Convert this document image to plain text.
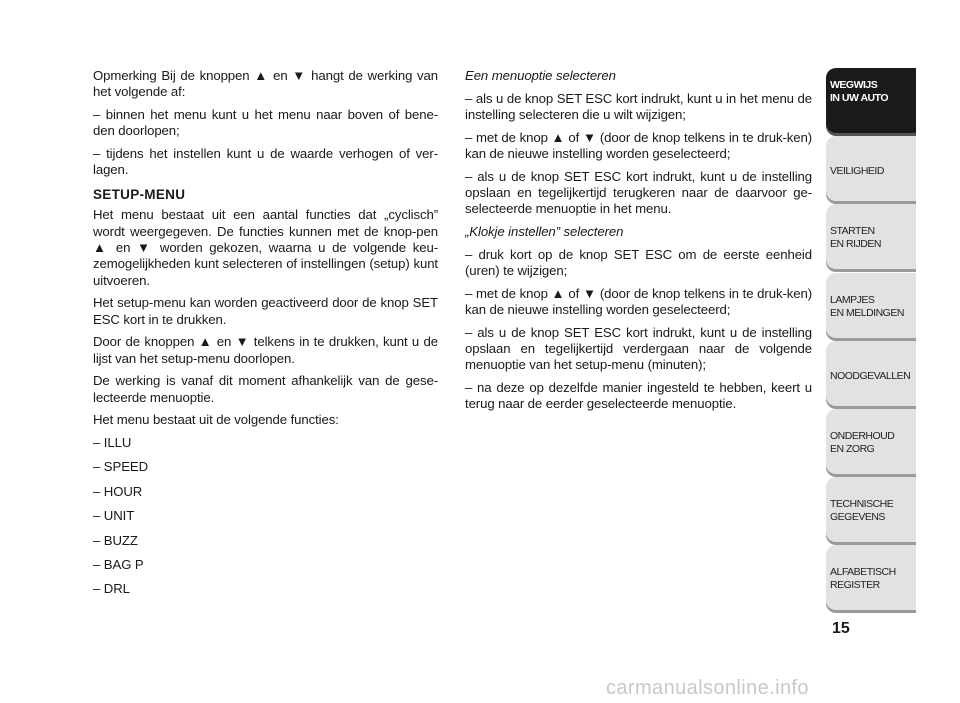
Opmerking Bij de knoppen ▲ en ▼ hangt de werking van het volgende af:

– binnen het menu kunt u het menu naar boven of bene-den doorlopen;

– tijdens het instellen kunt u de waarde verhogen of ver-lagen.

SETUP-MENU

Het menu bestaat uit een aantal functies dat „cyclisch” wordt weergegeven. De functies kunnen met de knop-pen ▲ en ▼ worden gekozen, waarna u de volgende keu-zemogelijkheden kunt selecteren of instellingen (setup) kunt uitvoeren.

Het setup-menu kan worden geactiveerd door de knop SET ESC kort in te drukken.

Door de knoppen ▲ en ▼ telkens in te drukken, kunt u de lijst van het setup-menu doorlopen.

De werking is vanaf dit moment afhankelijk van de gese-lecteerde menuoptie.

Het menu bestaat uit de volgende functies:

– ILLU
– SPEED
– HOUR
– UNIT
– BUZZ
– BAG P
– DRL

Een menuoptie selecteren

– als u de knop SET ESC kort indrukt, kunt u in het menu de instelling selecteren die u wilt wijzigen;

– met de knop ▲ of ▼ (door de knop telkens in te druk-ken) kan de nieuwe instelling worden geselecteerd;

– als u de knop SET ESC kort indrukt, kunt u de instelling opslaan en tegelijkertijd terugkeren naar de daarvoor ge-selecteerde menuoptie in het menu.

„Klokje instellen” selecteren

– druk kort op de knop SET ESC om de eerste eenheid (uren) te wijzigen;

– met de knop ▲ of ▼ (door de knop telkens in te druk-ken) kan de nieuwe instelling worden geselecteerd;

– als u de knop SET ESC kort indrukt, kunt u de instelling opslaan en tegelijkertijd verdergaan naar de volgende menuoptie van het setup-menu (minuten);

– na deze op dezelfde manier ingesteld te hebben, keert u terug naar de eerder geselecteerde menuoptie.

WEGWIJS
IN UW AUTO
VEILIGHEID
STARTEN
EN RIJDEN
LAMPJES
EN MELDINGEN
NOODGEVALLEN
ONDERHOUD
EN ZORG
TECHNISCHE
GEGEVENS
ALFABETISCH
REGISTER
15
carmanualsonline.info
